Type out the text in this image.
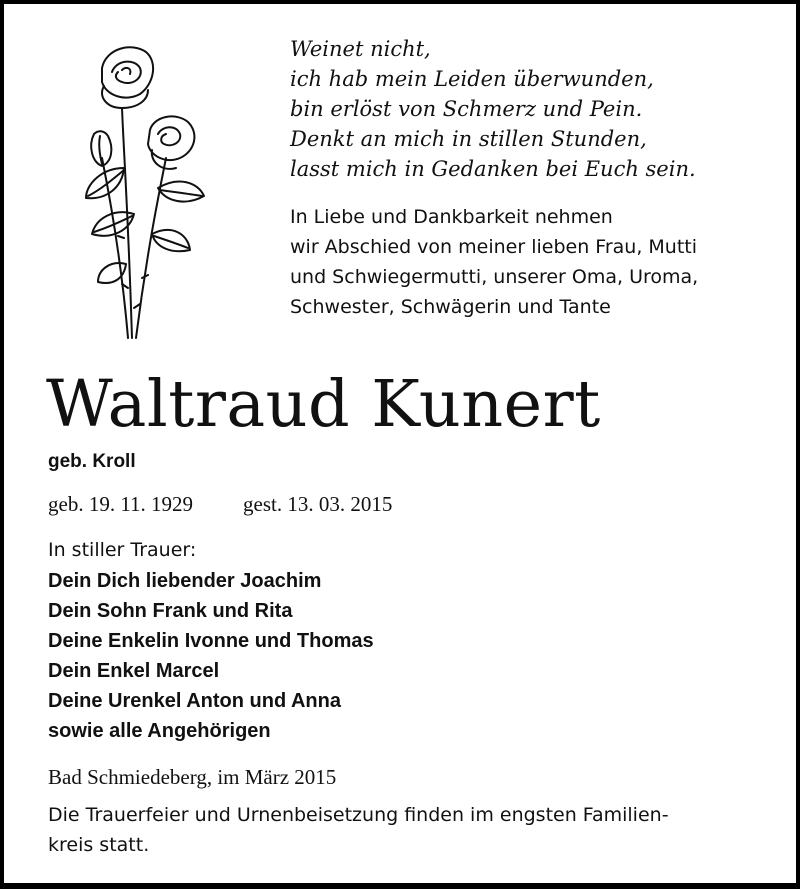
Weinet nicht,
ich hab mein Leiden überwunden,
bin erlöst von Schmerz und Pein.
Denkt an mich in stillen Stunden,
lasst mich in Gedanken bei Euch sein.
In Liebe und Dankbarkeit nehmen
wir Abschied von meiner lieben Frau, Mutti
und Schwiegermutti, unserer Oma, Uroma,
Schwester, Schwägerin und Tante
Waltraud Kunert
geb. Kroll
geb. 19. 11. 1929 gest. 13. 03. 2015
In stiller Trauer:
Dein Dich liebender Joachim
Dein Sohn Frank und Rita
Deine Enkelin Ivonne und Thomas
Dein Enkel Marcel
Deine Urenkel Anton und Anna
sowie alle Angehörigen
Bad Schmiedeberg, im März 2015
Die Trauerfeier und Urnenbeisetzung finden im engsten Familien-
kreis statt.
